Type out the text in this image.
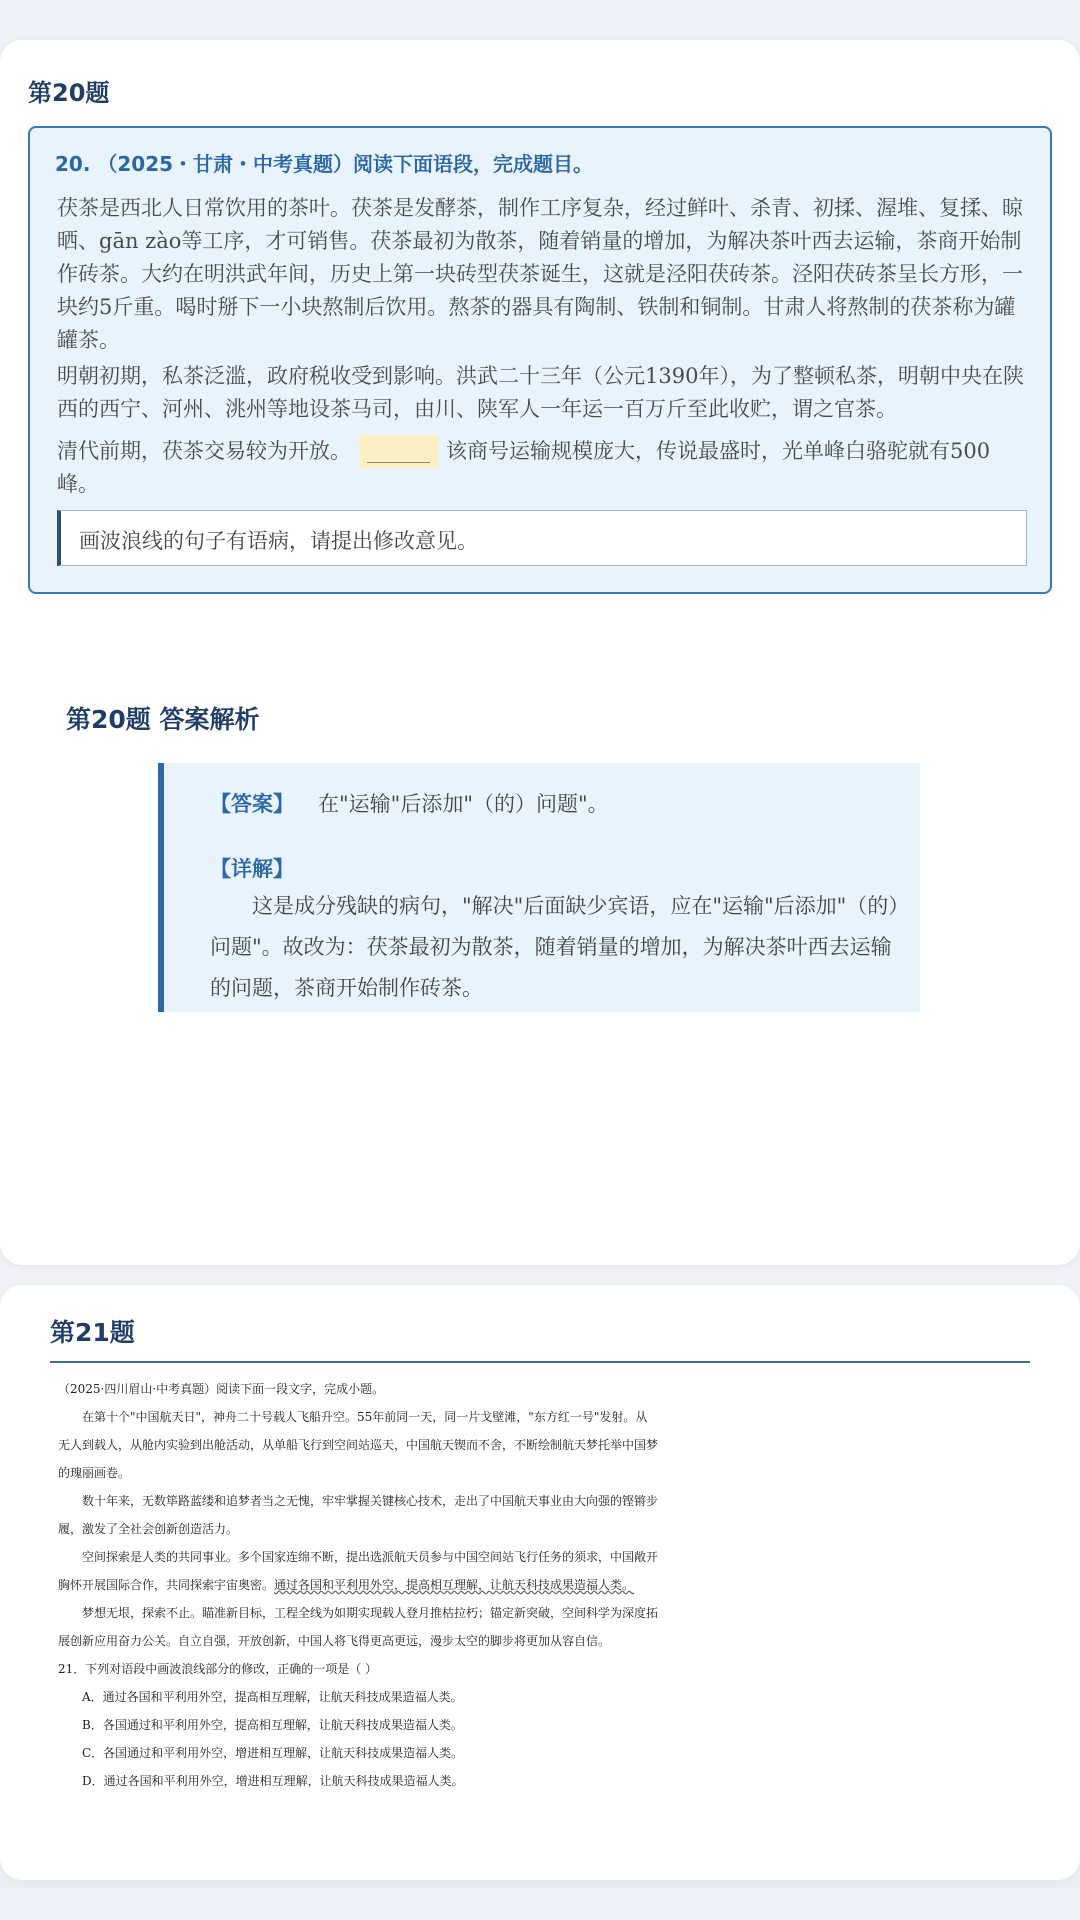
第20题
20. （2025・甘肃・中考真题）阅读下面语段，完成题目。
茯茶是西北人日常饮用的茶叶。茯茶是发酵茶，制作工序复杂，经过鲜叶、杀青、初揉、渥堆、复揉、晾晒、gān zào等工序，才可销售。茯茶最初为散茶，随着销量的增加，为解决茶叶西去运输，茶商开始制作砖茶。大约在明洪武年间，历史上第一块砖型茯茶诞生，这就是泾阳茯砖茶。泾阳茯砖茶呈长方形，一块约5斤重。喝时掰下一小块熬制后饮用。熬茶的器具有陶制、铁制和铜制。甘肃人将熬制的茯茶称为罐罐茶。
明朝初期，私茶泛滥，政府税收受到影响。洪武二十三年（公元1390年），为了整顿私茶，明朝中央在陕西的西宁、河州、洮州等地设茶马司，由川、陕军人一年运一百万斤至此收贮，谓之官茶。
清代前期，茯茶交易较为开放。 ______ 该商号运输规模庞大，传说最盛时，光单峰白骆驼就有500峰。
画波浪线的句子有语病，请提出修改意见。
第20题 答案解析
【答案】 在"运输"后添加"（的）问题"。
【详解】
这是成分残缺的病句，"解决"后面缺少宾语，应在"运输"后添加"（的）问题"。故改为：茯茶最初为散茶，随着销量的增加，为解决茶叶西去运输的问题，茶商开始制作砖茶。
第21题
（2025·四川眉山·中考真题）阅读下面一段文字，完成小题。
在第十个"中国航天日"，神舟二十号载人飞船升空。55年前同一天，同一片戈壁滩，"东方红一号"发射。从无人到载人，从舱内实验到出舱活动，从单船飞行到空间站巡天，中国航天锲而不舍，不断绘制航天梦托举中国梦的瑰丽画卷。
数十年来，无数筚路蓝缕和追梦者当之无愧，牢牢掌握关键核心技术，走出了中国航天事业由大向强的铿锵步履，激发了全社会创新创造活力。
空间探索是人类的共同事业。多个国家连绵不断，提出选派航天员参与中国空间站飞行任务的须求，中国敞开胸怀开展国际合作，共同探索宇宙奥密。通过各国和平利用外空，提高相互理解，让航天科技成果造福人类。
梦想无垠，探索不止。瞄准新目标，工程全线为如期实现载人登月推枯拉朽；锚定新突破，空间科学为深度拓展创新应用奋力公关。自立自强，开放创新，中国人将飞得更高更远，漫步太空的脚步将更加从容自信。
21．下列对语段中画波浪线部分的修改，正确的一项是（ ）
A．通过各国和平利用外空，提高相互理解，让航天科技成果造福人类。
B．各国通过和平利用外空，提高相互理解，让航天科技成果造福人类。
C．各国通过和平利用外空，增进相互理解，让航天科技成果造福人类。
D．通过各国和平利用外空，增进相互理解，让航天科技成果造福人类。
